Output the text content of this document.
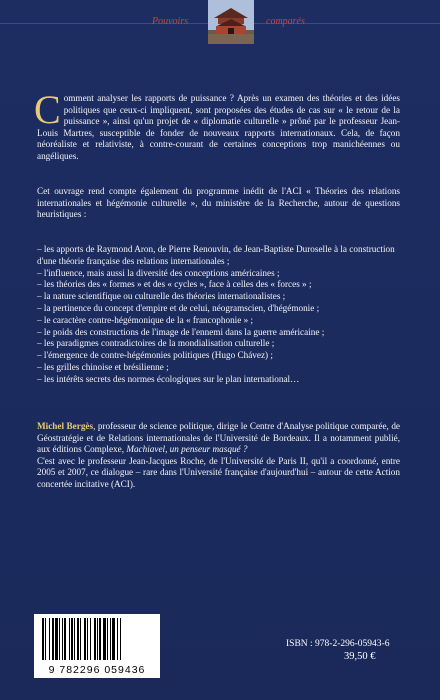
Pouvoirs	comparés
Comment analyser les rapports de puissance ? Après un examen des théories et des idées politiques que ceux-ci impliquent, sont proposées des études de cas sur « le retour de la puissance », ainsi qu'un projet de « diplomatie culturelle » prôné par le professeur Jean-Louis Martres, susceptible de fonder de nouveaux rapports internationaux. Cela, de façon néoréaliste et relativiste, à contre-courant de certaines conceptions trop manichéennes ou angéliques.
Cet ouvrage rend compte également du programme inédit de l'ACI « Théories des relations internationales et hégémonie culturelle », du ministère de la Recherche, autour de questions heuristiques :
– les apports de Raymond Aron, de Pierre Renouvin, de Jean-Baptiste Duroselle à la construction d'une théorie française des relations internationales ;
– l'influence, mais aussi la diversité des conceptions américaines ;
– les théories des « formes » et des « cycles », face à celles des « forces » ;
– la nature scientifique ou culturelle des théories internationalistes ;
– la pertinence du concept d'empire et de celui, néogramscien, d'hégémonie ;
– le caractère contre-hégémonique de la « francophonie » ;
– le poids des constructions de l'image de l'ennemi dans la guerre américaine ;
– les paradigmes contradictoires de la mondialisation culturelle ;
– l'émergence de contre-hégémonies politiques (Hugo Chávez) ;
– les grilles chinoise et brésilienne ;
– les intérêts secrets des normes écologiques sur le plan international…
Michel Bergès, professeur de science politique, dirige le Centre d'Analyse politique comparée, de Géostratégie et de Relations internationales de l'Université de Bordeaux. Il a notamment publié, aux éditions Complexe, Machiavel, un penseur masqué ?
C'est avec le professeur Jean-Jacques Roche, de l'Université de Paris II, qu'il a coordonné, entre 2005 et 2007, ce dialogue – rare dans l'Université française d'aujourd'hui – autour de cette Action concertée incitative (ACI).
9 782296 059436
ISBN : 978-2-296-05943-6
39,50 €
